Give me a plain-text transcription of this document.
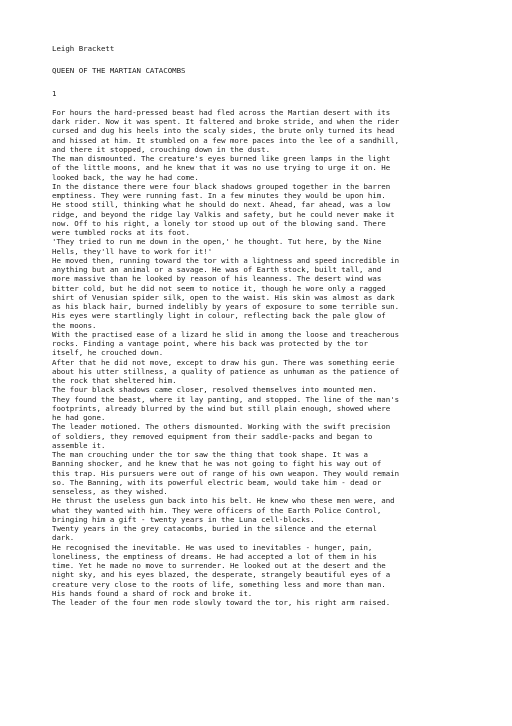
Leigh Brackett
QUEEN OF THE MARTIAN CATACOMBS
1

For hours the hard-pressed beast had fled across the Martian desert with its

dark rider. Now it was spent. It faltered and broke stride, and when the rider

cursed and dug his heels into the scaly sides, the brute only turned its head

and hissed at him. It stumbled on a few more paces into the lee of a sandhill,

and there it stopped, crouching down in the dust.

The man dismounted. The creature's eyes burned like green lamps in the light

of the little moons, and he knew that it was no use trying to urge it on. He

looked back, the way he had come.

In the distance there were four black shadows grouped together in the barren

emptiness. They were running fast. In a few minutes they would be upon him.

He stood still, thinking what he should do next. Ahead, far ahead, was a low

ridge, and beyond the ridge lay Valkis and safety, but he could never make it

now. Off to his right, a lonely tor stood up out of the blowing sand. There

were tumbled rocks at its foot.

'They tried to run me down in the open,' he thought. Tut here, by the Nine

Hells, they'll have to work for it!'

He moved then, running toward the tor with a lightness and speed incredible in

anything but an animal or a savage. He was of Earth stock, built tall, and

more massive than he looked by reason of his leanness. The desert wind was

bitter cold, but he did not seem to notice it, though he wore only a ragged

shirt of Venusian spider silk, open to the waist. His skin was almost as dark

as his black hair, burned indelibly by years of exposure to some terrible sun.

His eyes were startlingly light in colour, reflecting back the pale glow of

the moons.

With the practised ease of a lizard he slid in among the loose and treacherous

rocks. Finding a vantage point, where his back was protected by the tor

itself, he crouched down.

After that he did not move, except to draw his gun. There was something eerie

about his utter stillness, a quality of patience as unhuman as the patience of

the rock that sheltered him.

The four black shadows came closer, resolved themselves into mounted men.

They found the beast, where it lay panting, and stopped. The line of the man's

footprints, already blurred by the wind but still plain enough, showed where

he had gone.

The leader motioned. The others dismounted. Working with the swift precision

of soldiers, they removed equipment from their saddle-packs and began to

assemble it.

The man crouching under the tor saw the thing that took shape. It was a

Banning shocker, and he knew that he was not going to fight his way out of

this trap. His pursuers were out of range of his own weapon. They would remain

so. The Banning, with its powerful electric beam, would take him - dead or

senseless, as they wished.

He thrust the useless gun back into his belt. He knew who these men were, and

what they wanted with him. They were officers of the Earth Police Control,

bringing him a gift - twenty years in the Luna cell-blocks.

Twenty years in the grey catacombs, buried in the silence and the eternal

dark.

He recognised the inevitable. He was used to inevitables - hunger, pain,

loneliness, the emptiness of dreams. He had accepted a lot of them in his

time. Yet he made no move to surrender. He looked out at the desert and the

night sky, and his eyes blazed, the desperate, strangely beautiful eyes of a

creature very close to the roots of life, something less and more than man.

His hands found a shard of rock and broke it.

The leader of the four men rode slowly toward the tor, his right arm raised.
